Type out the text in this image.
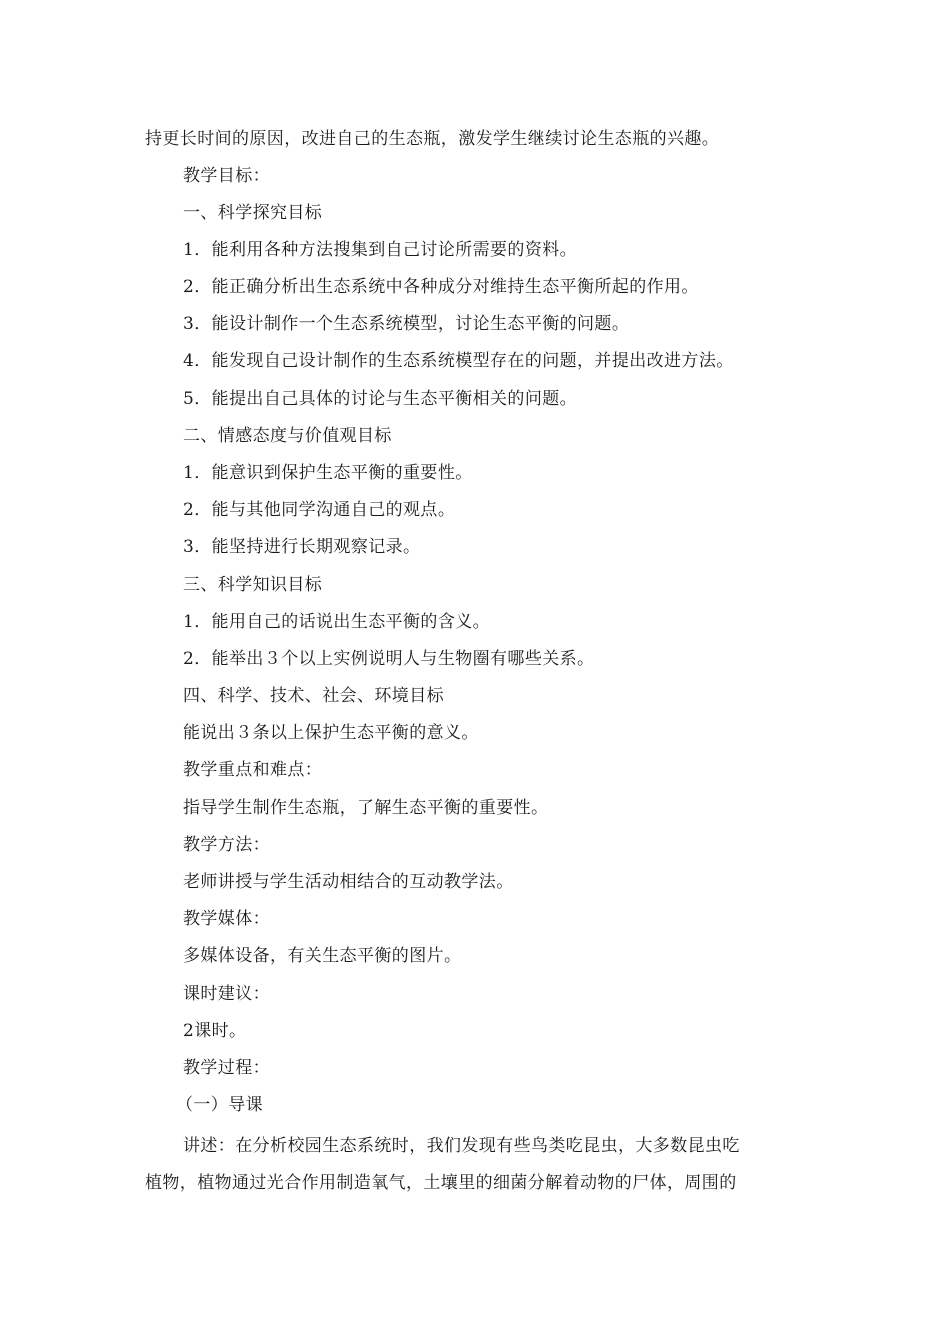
持更长时间的原因，改进自己的生态瓶，激发学生继续讨论生态瓶的兴趣。
教学目标：
一、科学探究目标
1．能利用各种方法搜集到自己讨论所需要的资料。
2．能正确分析出生态系统中各种成分对维持生态平衡所起的作用。
3．能设计制作一个生态系统模型，讨论生态平衡的问题。
4．能发现自己设计制作的生态系统模型存在的问题，并提出改进方法。
5．能提出自己具体的讨论与生态平衡相关的问题。
二、情感态度与价值观目标
1．能意识到保护生态平衡的重要性。
2．能与其他同学沟通自己的观点。
3．能坚持进行长期观察记录。
三、科学知识目标
1．能用自己的话说出生态平衡的含义。
2．能举出３个以上实例说明人与生物圈有哪些关系。
四、科学、技术、社会、环境目标
能说出３条以上保护生态平衡的意义。
教学重点和难点：
指导学生制作生态瓶，了解生态平衡的重要性。
教学方法：
老师讲授与学生活动相结合的互动教学法。
教学媒体：
多媒体设备，有关生态平衡的图片。
课时建议：
2课时。
教学过程：
（一）导课
讲述：在分析校园生态系统时，我们发现有些鸟类吃昆虫，大多数昆虫吃
植物，植物通过光合作用制造氧气，土壤里的细菌分解着动物的尸体，周围的
